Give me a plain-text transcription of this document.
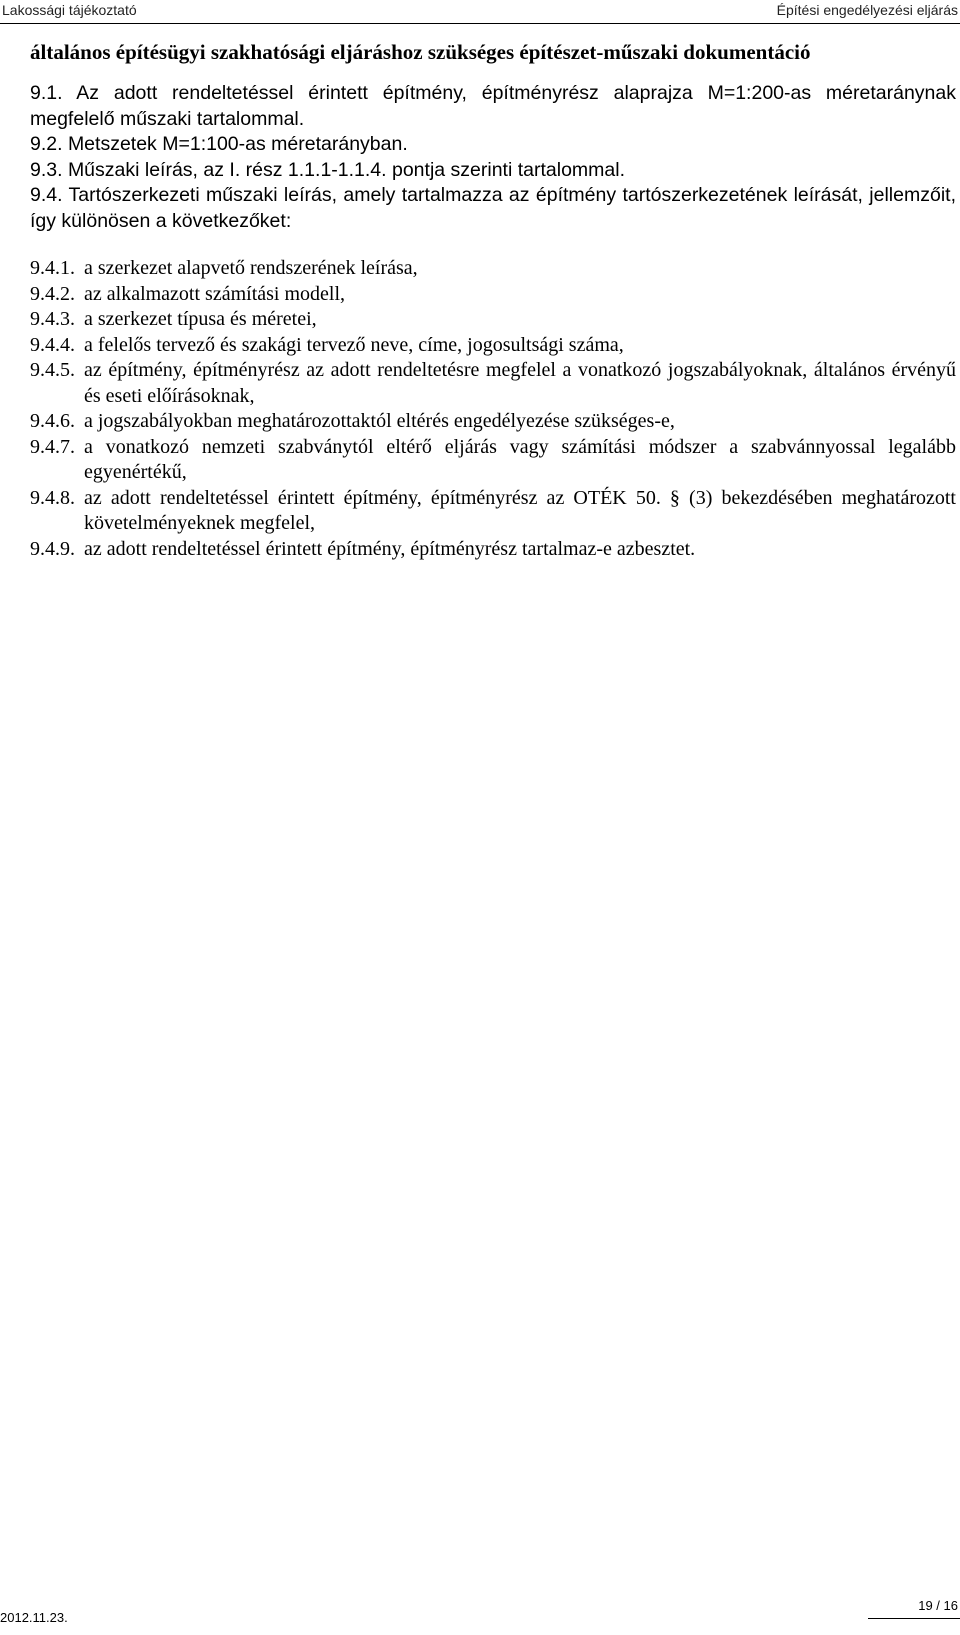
Lakossági tájékoztató	Építési engedélyezési eljárás

általános építésügyi szakhatósági eljáráshoz szükséges építészet-műszaki dokumentáció

9.1. Az adott rendeltetéssel érintett építmény, építményrész alaprajza M=1:200-as méretaránynak megfelelő műszaki tartalommal.

9.2. Metszetek M=1:100-as méretarányban.

9.3. Műszaki leírás, az I. rész 1.1.1-1.1.4. pontja szerinti tartalommal.

9.4. Tartószerkezeti műszaki leírás, amely tartalmazza az építmény tartószerkezetének leírását, jellemzőit, így különösen a következőket:

9.4.1. a szerkezet alapvető rendszerének leírása,
9.4.2. az alkalmazott számítási modell,
9.4.3. a szerkezet típusa és méretei,
9.4.4. a felelős tervező és szakági tervező neve, címe, jogosultsági száma,
9.4.5. az építmény, építményrész az adott rendeltetésre megfelel a vonatkozó jogszabályoknak, általános érvényű és eseti előírásoknak,
9.4.6. a jogszabályokban meghatározottaktól eltérés engedélyezése szükséges-e,
9.4.7. a vonatkozó nemzeti szabványtól eltérő eljárás vagy számítási módszer a szabvánnyossal legalább egyenértékű,
9.4.8. az adott rendeltetéssel érintett építmény, építményrész az OTÉK 50. § (3) bekezdésében meghatározott követelményeknek megfelel,
9.4.9. az adott rendeltetéssel érintett építmény, építményrész tartalmaz-e azbesztet.
2012.11.23.
19 / 16
